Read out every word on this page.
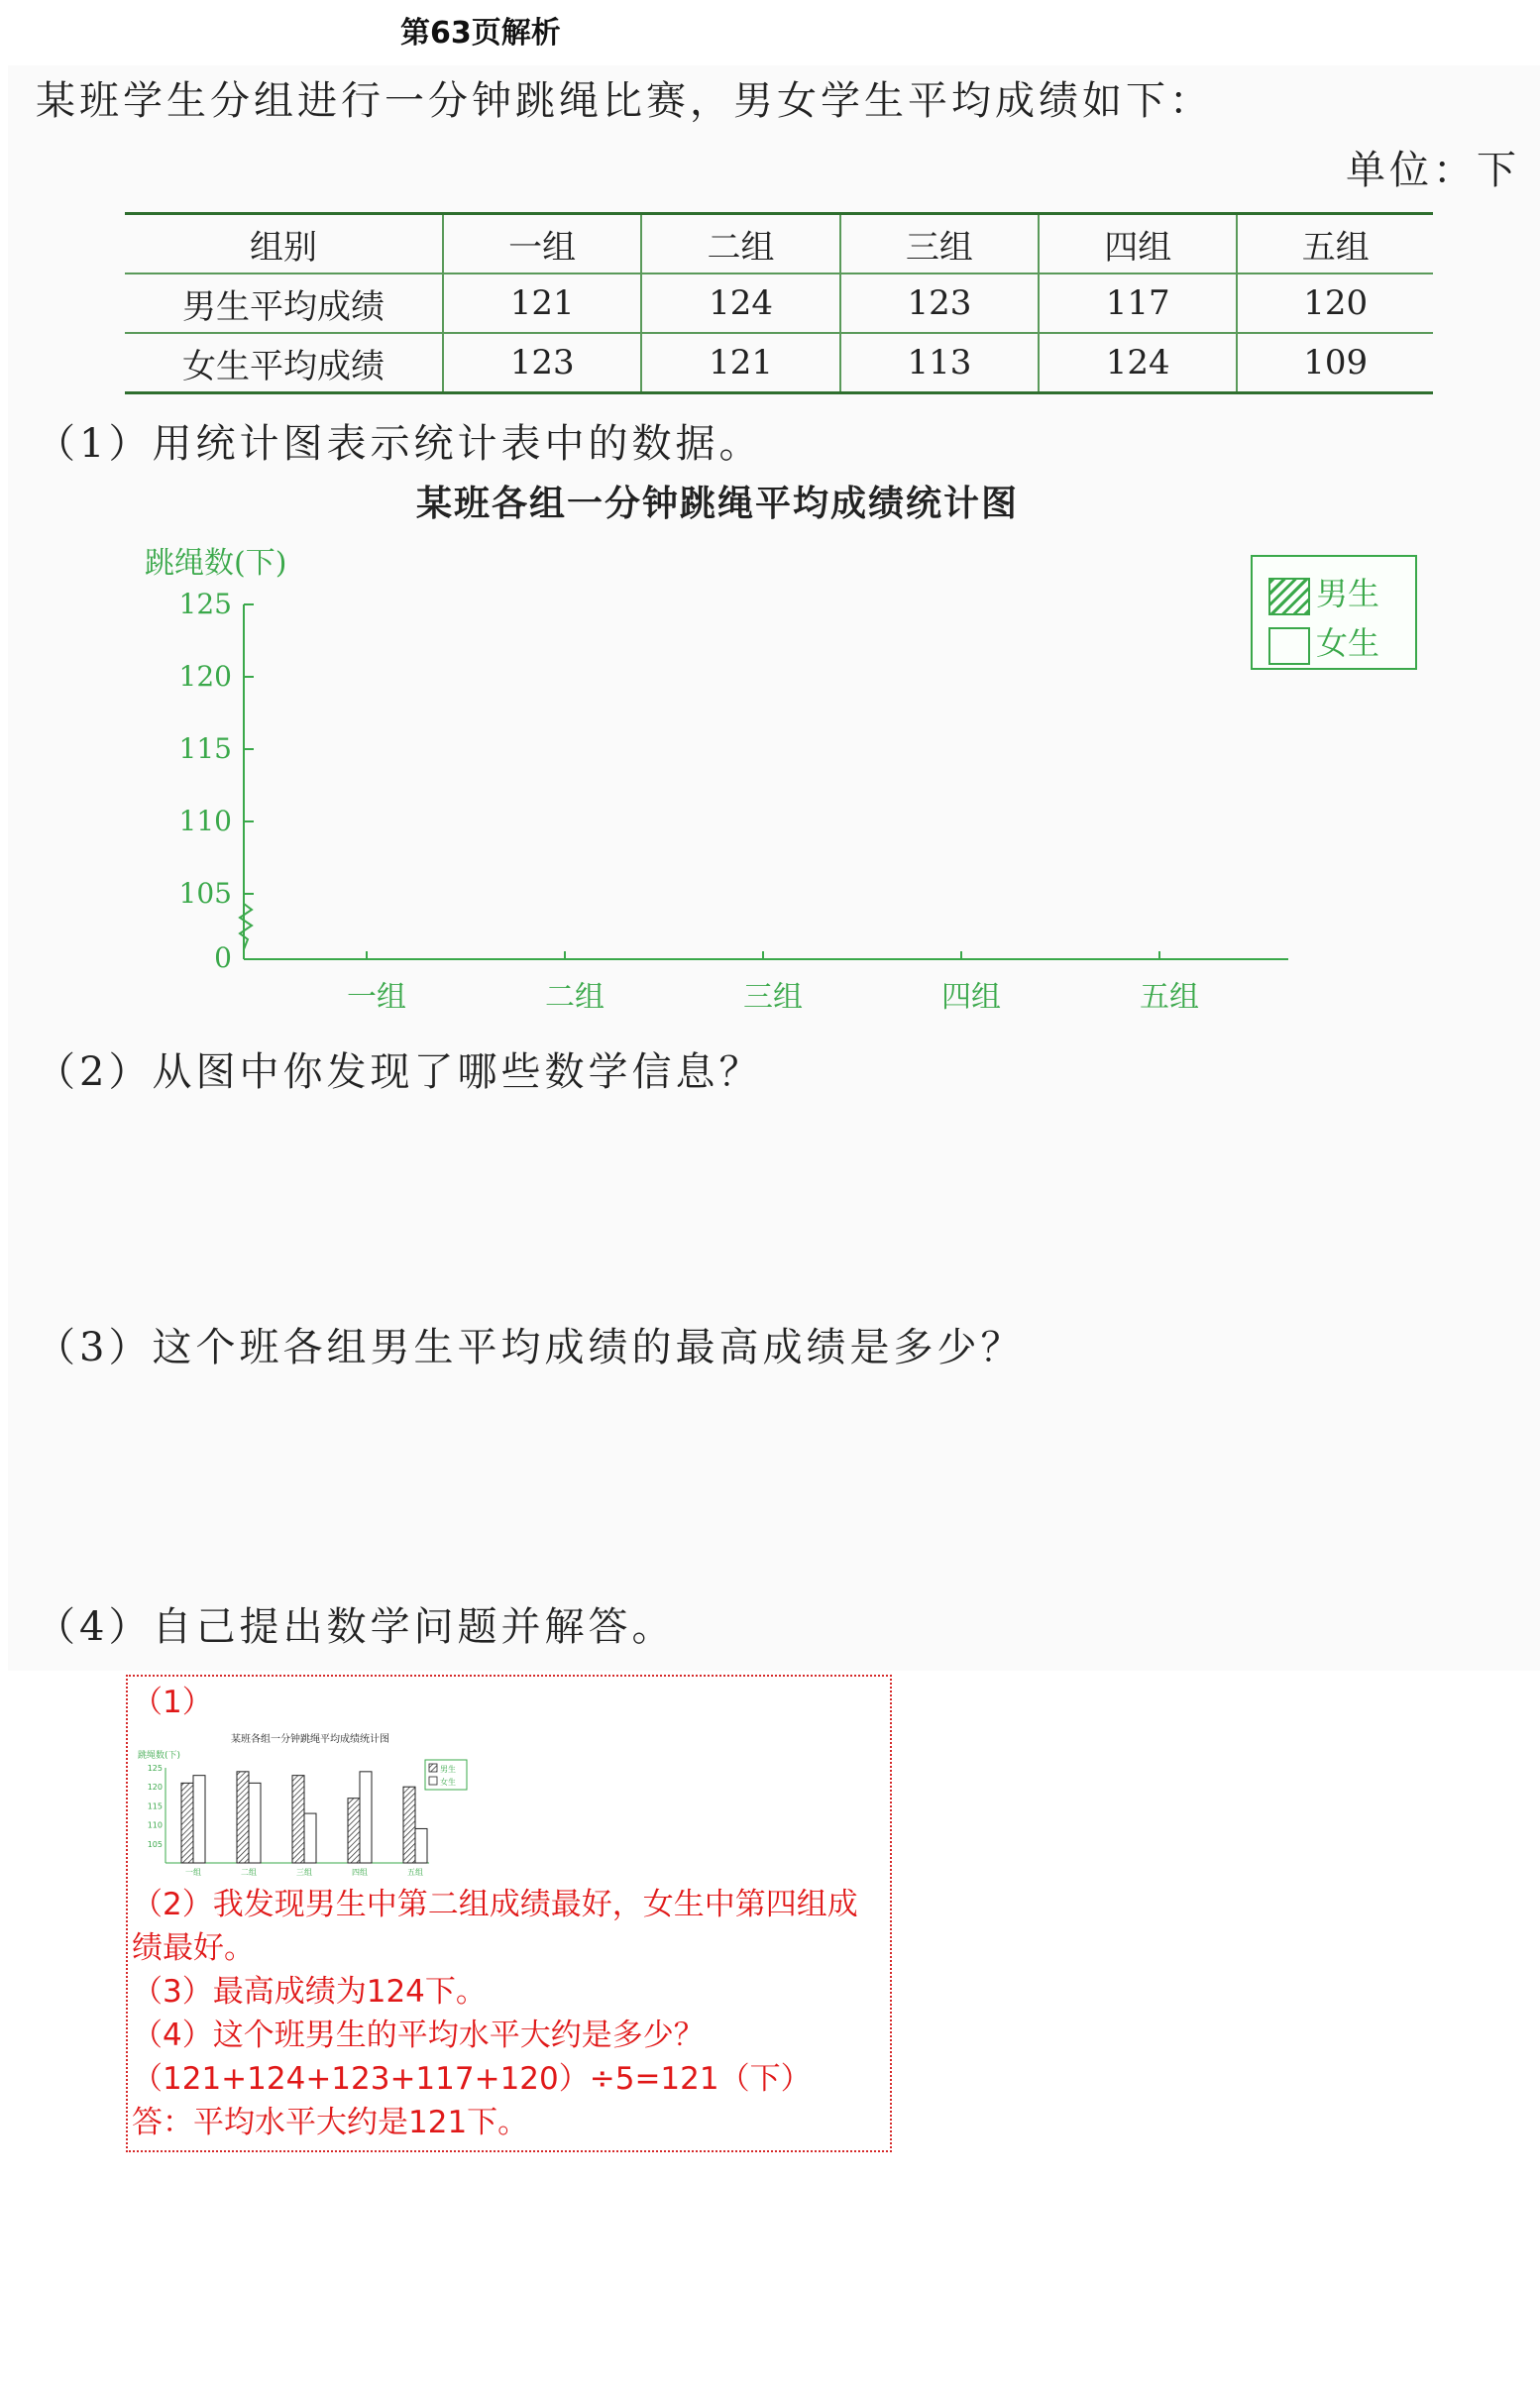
第63页解析
某班学生分组进行一分钟跳绳比赛，男女学生平均成绩如下：
单位：下
组别	一组	二组	三组	四组	五组
男生平均成绩	121	124	123	117	120
女生平均成绩	123	121	113	124	109
（1）用统计图表示统计表中的数据。
某班各组一分钟跳绳平均成绩统计图
跳绳数(下)
0
105
110
115
120
125
一组	二组	三组	四组	五组
男生
女生
（2）从图中你发现了哪些数学信息？
（3）这个班各组男生平均成绩的最高成绩是多少？
（4）自己提出数学问题并解答。
（1）
某班各组一分钟跳绳平均成绩统计图
跳绳数(下)
125
120
115
110
105
一组	二组	三组	四组	五组
男生
女生
（2）我发现男生中第二组成绩最好，女生中第四组成
绩最好。
（3）最高成绩为124下。
（4）这个班男生的平均水平大约是多少？
（121+124+123+117+120）÷5=121（下）
答：平均水平大约是121下。
